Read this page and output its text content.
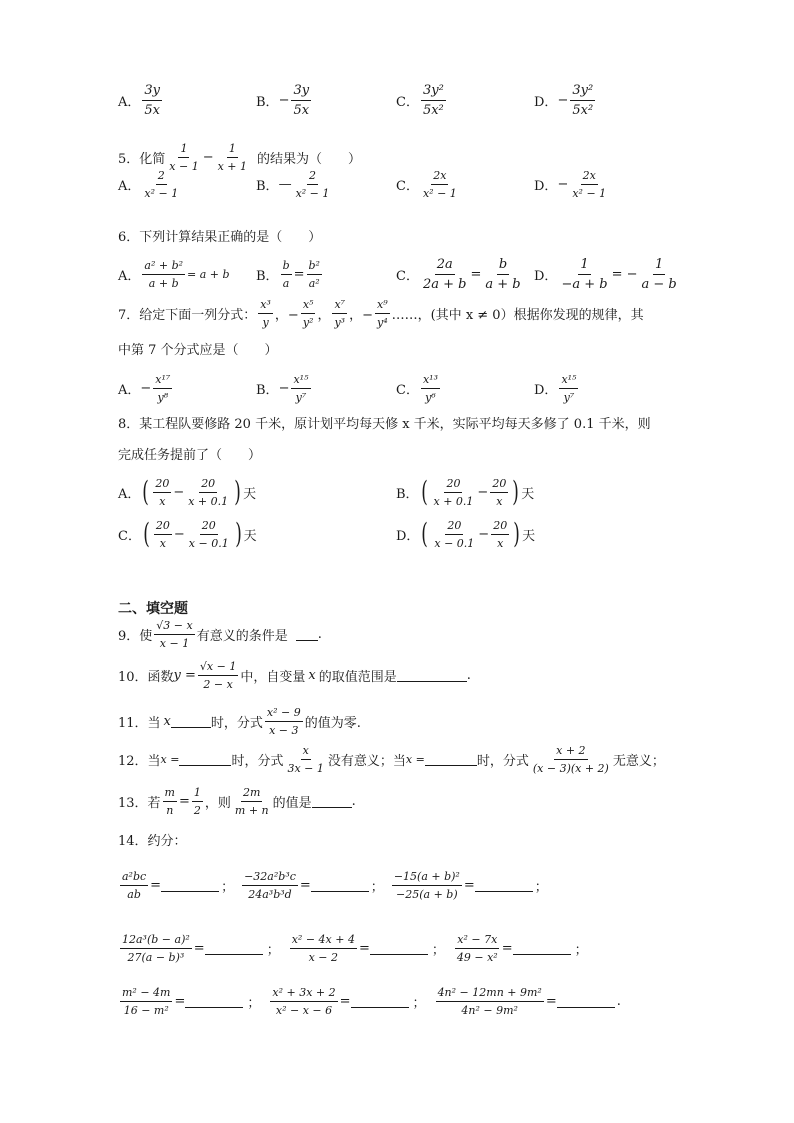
A． $\frac{3y}{5x}$	B． − $\frac{3y}{5x}$	C． $\frac{\text{3y²}}{\text{5x²}}$	D． − $\frac{\text{3y²}}{\text{5x²}}$
5．化简 $\frac{1}{x - 1} - \frac{1}{x + 1}$ 的结果为（　　）
A． $\frac{2}{\text{x² − 1}}$	B． — $\frac{2}{\text{x² − 1}}$	C． $\frac{2x}{\text{x² − 1}}$	D． − $\frac{2x}{\text{x² − 1}}$
6．下列计算结果正确的是（　　）
A． $\frac{\text{a² + b²}}{a + b} = a + b$ B． $\frac{b}{a} = \frac{\text{b²}}{\text{a²}}$	C． $\frac{2a}{2a + b} = \frac{b}{a + b}$ D． $\frac{1}{-a + b}$ = − $\frac{1}{a - b}$
7．给定下面一列分式： $\frac{\text{x³}}{y}$ ，− $\frac{\text{x⁵}}{\text{y²}}$ ， $\frac{\text{x⁷}}{\text{y³}}$ ，− $\frac{\text{x⁹}}{\text{y⁴}}$ ……，(其中 x ≠ 0）根据你发现的规律，其
中第 7 个分式应是（　　）
A． − $\frac{\text{x¹⁷}}{\text{y⁸}}$	B． − $\frac{\text{x¹⁵}}{\text{y⁷}}$	C． $\frac{\text{x¹³}}{\text{y⁶}}$	D． $\frac{\text{x¹⁵}}{\text{y⁷}}$
8．某工程队要修路 20 千米，原计划平均每天修 x 千米，实际平均每天多修了 0.1 千米，则
完成任务提前了（　　）
A． ( $\frac{20}{x} - \frac{20}{x + 0.1}$ ) 天	B． ( $\frac{20}{x + 0.1} - \frac{20}{x}$ ) 天
C． ( $\frac{20}{x} - \frac{20}{x - 0.1}$ ) 天	D． ( $\frac{20}{x - 0.1} - \frac{20}{x}$ ) 天
二、填空题
9．使 $\frac{√3 - x}{x - 1}$ 有意义的条件是 .
10．函数 $y = \frac{√x - 1}{2 - x}$ 中，自变量 x 的取值范围是	.
11．当 x	时，分式 $\frac{\text{x² − 9}}{x - 3}$ 的值为零.
12．当 x =	时，分式 $\frac{x}{3x - 1}$ 没有意义；当 x =	时，分式 $\frac{x + 2}{(x - 3)(x + 2)}$ 无意义；
13．若 $\frac{m}{n} = \frac{1}{2}$ ，则 $\frac{2m}{m + n}$ 的值是	.
14．约分：
$\frac{\text{a²bc}}{ab}$ =	； $\frac{\text{−32a²b³c}}{\text{24a³b³d}}$ =	； $\frac{\text{−15(a + b)²}}{-25(a + b)}$ =	；
$\frac{\text{12a³(b − a)²}}{\text{27(a − b)³}}$ =	； $\frac{\text{x² − 4x + 4}}{x - 2}$ =	； $\frac{\text{x² − 7x}}{\text{49 − x²}}$ =	；
$\frac{\text{m² − 4m}}{\text{16 − m²}}$ =	； $\frac{\text{x² + 3x + 2}}{\text{x² − x − 6}}$ =	； $\frac{\text{4n² − 12mn + 9m²}}{\text{4n² − 9m²}}$ =	.
